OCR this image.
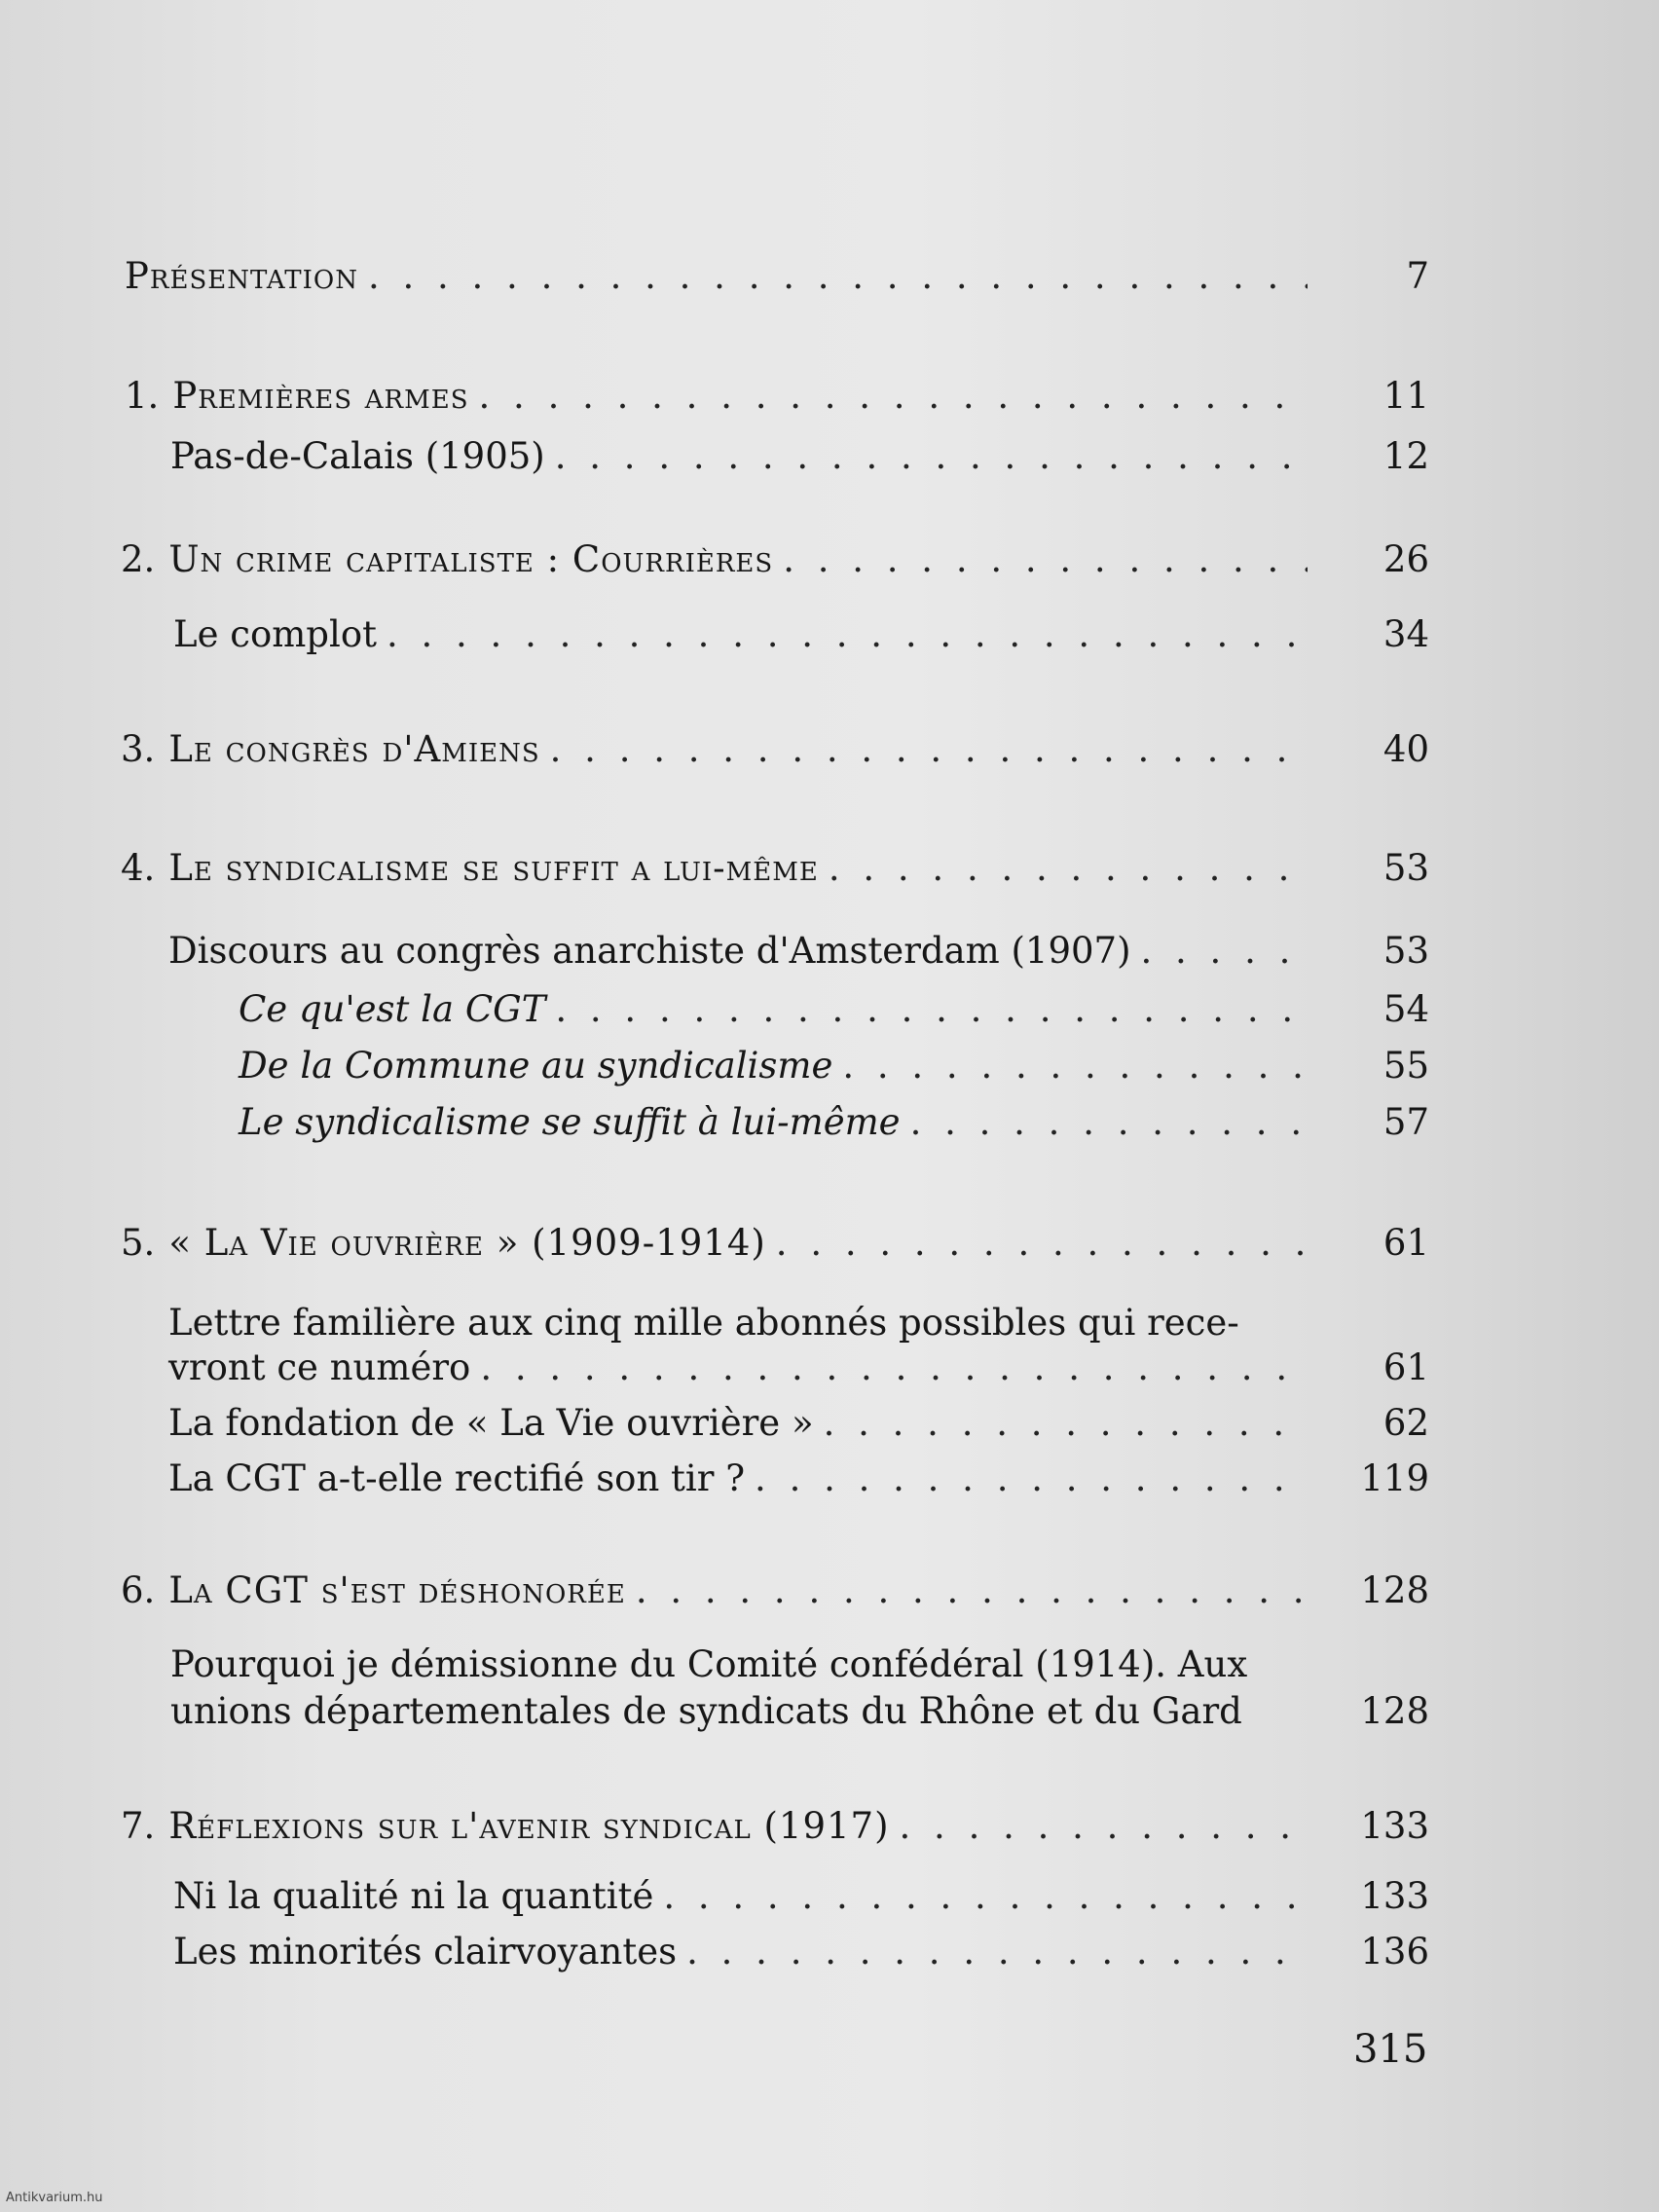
Présentation . . .	7
1. Premières armes . . .	11
Pas-de-Calais (1905) . . .	12
2. Un crime capitaliste : Courrières . . .	26
Le complot . . .	34
3. Le congrès d'Amiens . . .	40
4. Le syndicalisme se suffit a lui-même . . .	53
Discours au congrès anarchiste d'Amsterdam (1907) . . .	53
Ce qu'est la CGT . . .	54
De la Commune au syndicalisme . . .	55
Le syndicalisme se suffit à lui-même . . .	57
5. « La Vie ouvrière » (1909-1914) . . .	61
Lettre familière aux cinq mille abonnés possibles qui rece-
vront ce numéro . . .	61
La fondation de « La Vie ouvrière » . . .	62
La CGT a-t-elle rectifié son tir ? . . .	119
6. La CGT s'est déshonorée . . .	128
Pourquoi je démissionne du Comité confédéral (1914). Aux
unions départementales de syndicats du Rhône et du Gard	128
7. Réflexions sur l'avenir syndical (1917) . . .	133
Ni la qualité ni la quantité . . .	133
Les minorités clairvoyantes . . .	136
315
Antikvarium.hu
